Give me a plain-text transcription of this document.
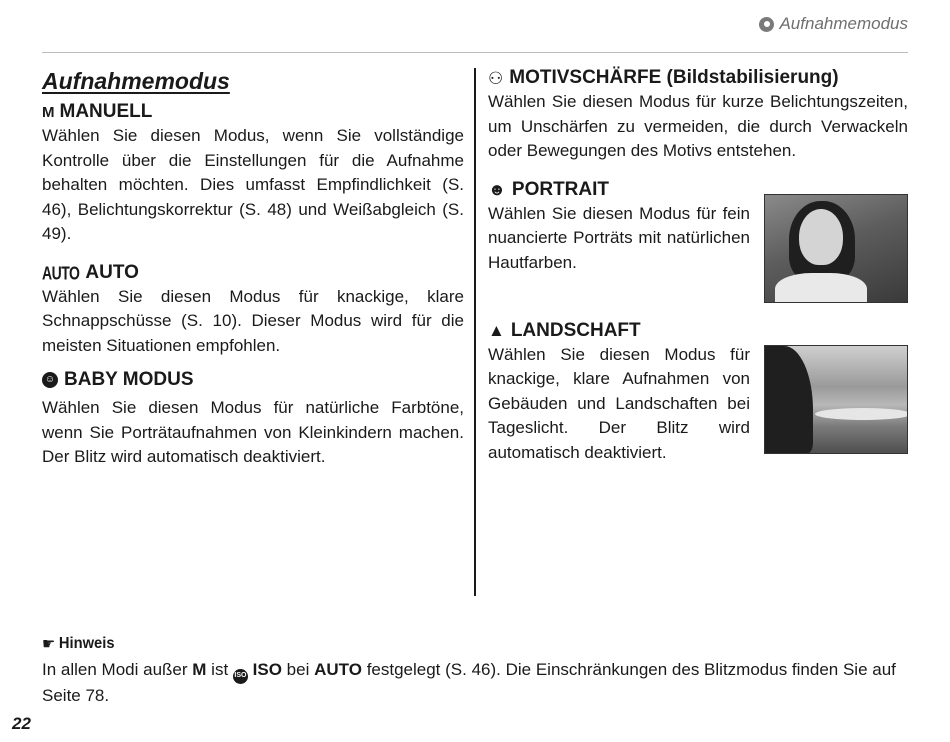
Aufnahmemodus
Aufnahmemodus
M MANUELL

Wählen Sie diesen Modus, wenn Sie vollständige Kontrolle über die Einstellungen für die Aufnahme behalten möchten. Dies umfasst Empfindlichkeit (S. 46), Belichtungskorrektur (S. 48) und Weißabgleich (S. 49).

AUTO AUTO

Wählen Sie diesen Modus für knackige, klare Schnappschüsse (S. 10). Dieser Modus wird für die meisten Situationen empfohlen.

☺ BABY MODUS

Wählen Sie diesen Modus für natürliche Farbtöne, wenn Sie Porträtaufnahmen von Kleinkindern machen. Der Blitz wird automatisch deaktiviert.

⚇ MOTIVSCHÄRFE (Bildstabilisierung)

Wählen Sie diesen Modus für kurze Belichtungszeiten, um Unschärfen zu vermeiden, die durch Verwackeln oder Bewegungen des Motivs entstehen.

☻ PORTRAIT

Wählen Sie diesen Modus für fein nuancierte Porträts mit natürlichen Hautfarben.

▲ LANDSCHAFT

Wählen Sie diesen Modus für knackige, klare Aufnahmen von Gebäuden und Landschaften bei Tageslicht. Der Blitz wird automatisch deaktiviert.

☛ Hinweis

In allen Modi außer M ist ISO ISO bei AUTO festgelegt (S. 46). Die Einschränkungen des Blitzmodus finden Sie auf Seite 78.

22
